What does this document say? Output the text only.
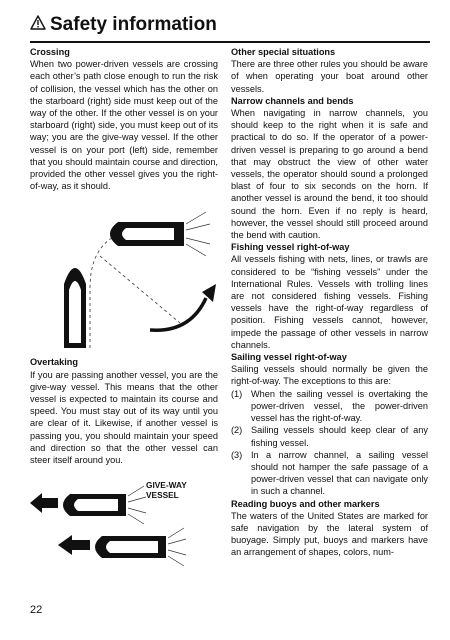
Safety information
Crossing

When two power-driven vessels are crossing each other’s path close enough to run the risk of collision, the vessel which has the other on the starboard (right) side must keep out of the way of the other. If the other vessel is on your starboard (right) side, you must keep out of its way; you are the give-way vessel. If the other vessel is on your port (left) side, remember that you should maintain course and direction, provided the other vessel gives you the right-of-way, as it should.

Overtaking

If you are passing another vessel, you are the give-way vessel. This means that the other vessel is expected to maintain its course and speed. You must stay out of its way until you are clear of it. Likewise, if another vessel is passing you, you should maintain your speed and direction so that the other vessel can steer itself around you.

GIVE-WAY
VESSEL
Other special situations

There are three other rules you should be aware of when operating your boat around other vessels.

Narrow channels and bends

When navigating in narrow channels, you should keep to the right when it is safe and practical to do so. If the operator of a power-driven vessel is preparing to go around a bend that may obstruct the view of other water vessels, the operator should sound a prolonged blast of four to six seconds on the horn. If another vessel is around the bend, it too should sound the horn. Even if no reply is heard, however, the vessel should still proceed around the bend with caution.

Fishing vessel right-of-way

All vessels fishing with nets, lines, or trawls are considered to be “fishing vessels” under the International Rules. Vessels with trolling lines are not considered fishing vessels. Fishing vessels have the right-of-way regardless of position. Fishing vessels cannot, however, impede the passage of other vessels in narrow channels.

Sailing vessel right-of-way

Sailing vessels should normally be given the right-of-way. The exceptions to this are:

(1) When the sailing vessel is overtaking the power-driven vessel, the power-driven vessel has the right-of-way.
(2) Sailing vessels should keep clear of any fishing vessel.
(3) In a narrow channel, a sailing vessel should not hamper the safe passage of a power-driven vessel that can navigate only in such a channel.
Reading buoys and other markers

The waters of the United States are marked for safe navigation by the lateral system of buoyage. Simply put, buoys and markers have an arrangement of shapes, colors, num-

22
